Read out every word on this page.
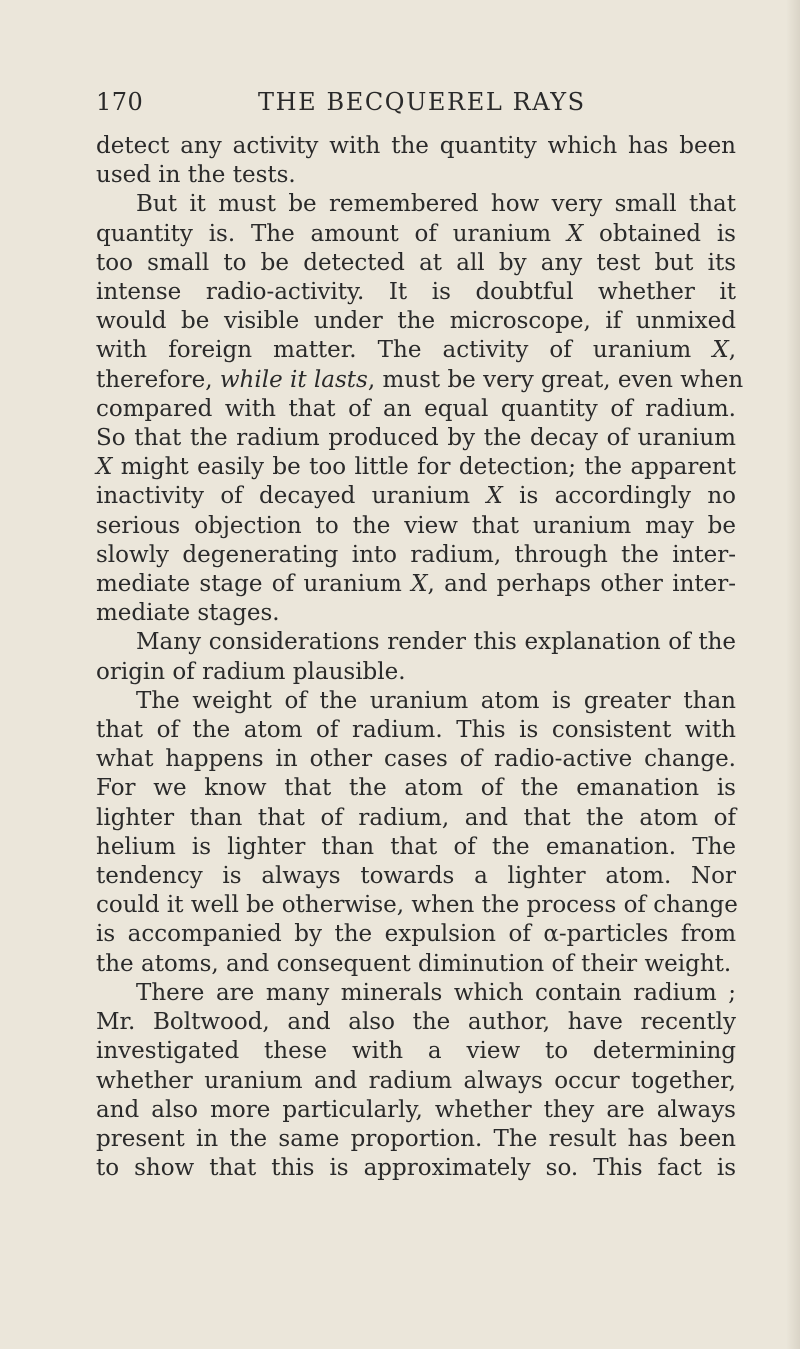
170	THE BECQUEREL RAYS
detect any activity with the quantity which has been
used in the tests.
But it must be remembered how very small that
quantity is. The amount of uranium X obtained is
too small to be detected at all by any test but its
intense radio-activity. It is doubtful whether it
would be visible under the microscope, if unmixed
with foreign matter. The activity of uranium X,
therefore, while it lasts, must be very great, even when
compared with that of an equal quantity of radium.
So that the radium produced by the decay of uranium
X might easily be too little for detection; the apparent
inactivity of decayed uranium X is accordingly no
serious objection to the view that uranium may be
slowly degenerating into radium, through the inter-
mediate stage of uranium X, and perhaps other inter-
mediate stages.
Many considerations render this explanation of the
origin of radium plausible.
The weight of the uranium atom is greater than
that of the atom of radium. This is consistent with
what happens in other cases of radio-active change.
For we know that the atom of the emanation is
lighter than that of radium, and that the atom of
helium is lighter than that of the emanation. The
tendency is always towards a lighter atom. Nor
could it well be otherwise, when the process of change
is accompanied by the expulsion of α-particles from
the atoms, and consequent diminution of their weight.
There are many minerals which contain radium ;
Mr. Boltwood, and also the author, have recently
investigated these with a view to determining
whether uranium and radium always occur together,
and also more particularly, whether they are always
present in the same proportion. The result has been
to show that this is approximately so. This fact is
